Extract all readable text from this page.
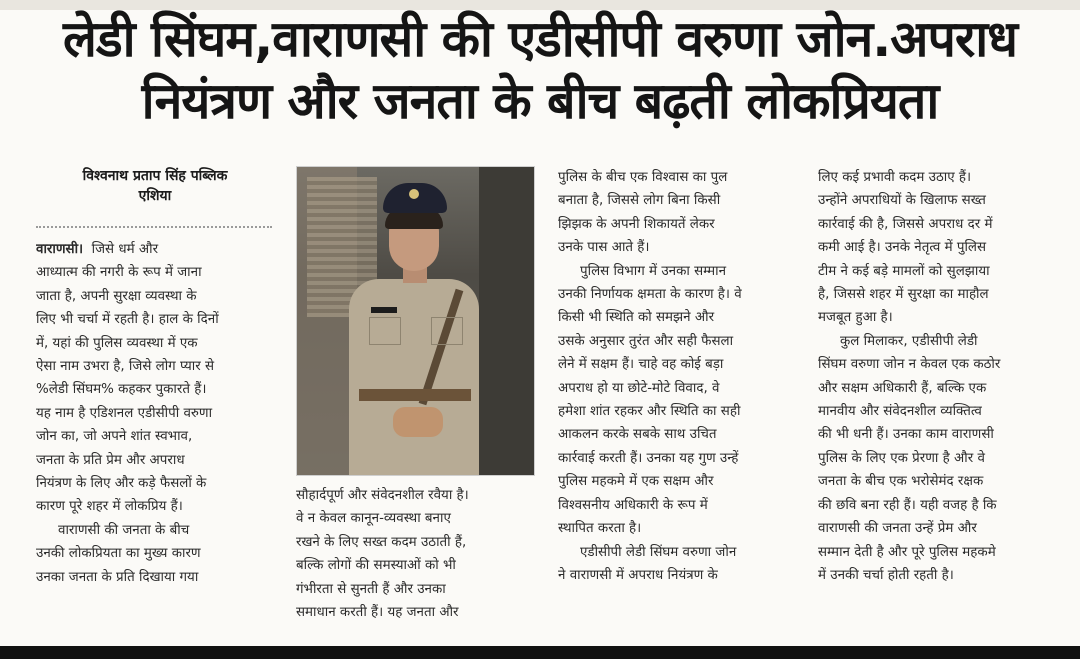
लेडी सिंघम,वाराणसी की एडीसीपी वरुणा जोन.अपराध
नियंत्रण और जनता के बीच बढ़ती लोकप्रियता
विश्वनाथ प्रताप सिंह पब्लिक
एशिया
वाराणसी। जिसे धर्म और
आध्यात्म की नगरी के रूप में जाना
जाता है, अपनी सुरक्षा व्यवस्था के
लिए भी चर्चा में रहती है। हाल के दिनों
में, यहां की पुलिस व्यवस्था में एक
ऐसा नाम उभरा है, जिसे लोग प्यार से
%लेडी सिंघम% कहकर पुकारते हैं।
यह नाम है एडिशनल एडीसीपी वरुणा
जोन का, जो अपने शांत स्वभाव,
जनता के प्रति प्रेम और अपराध
नियंत्रण के लिए और कड़े फैसलों के
कारण पूरे शहर में लोकप्रिय हैं।
वाराणसी की जनता के बीच
उनकी लोकप्रियता का मुख्य कारण
उनका जनता के प्रति दिखाया गया
सौहार्दपूर्ण और संवेदनशील रवैया है।
वे न केवल कानून-व्यवस्था बनाए
रखने के लिए सख्त कदम उठाती हैं,
बल्कि लोगों की समस्याओं को भी
गंभीरता से सुनती हैं और उनका
समाधान करती हैं। यह जनता और
पुलिस के बीच एक विश्वास का पुल
बनाता है, जिससे लोग बिना किसी
झिझक के अपनी शिकायतें लेकर
उनके पास आते हैं।
पुलिस विभाग में उनका सम्मान
उनकी निर्णायक क्षमता के कारण है। वे
किसी भी स्थिति को समझने और
उसके अनुसार तुरंत और सही फैसला
लेने में सक्षम हैं। चाहे वह कोई बड़ा
अपराध हो या छोटे-मोटे विवाद, वे
हमेशा शांत रहकर और स्थिति का सही
आकलन करके सबके साथ उचित
कार्रवाई करती हैं। उनका यह गुण उन्हें
पुलिस महकमे में एक सक्षम और
विश्वसनीय अधिकारी के रूप में
स्थापित करता है।
एडीसीपी लेडी सिंघम वरुणा जोन
ने वाराणसी में अपराध नियंत्रण के
लिए कई प्रभावी कदम उठाए हैं।
उन्होंने अपराधियों के खिलाफ सख्त
कार्रवाई की है, जिससे अपराध दर में
कमी आई है। उनके नेतृत्व में पुलिस
टीम ने कई बड़े मामलों को सुलझाया
है, जिससे शहर में सुरक्षा का माहौल
मजबूत हुआ है।
कुल मिलाकर, एडीसीपी लेडी
सिंघम वरुणा जोन न केवल एक कठोर
और सक्षम अधिकारी हैं, बल्कि एक
मानवीय और संवेदनशील व्यक्तित्व
की भी धनी हैं। उनका काम वाराणसी
पुलिस के लिए एक प्रेरणा है और वे
जनता के बीच एक भरोसेमंद रक्षक
की छवि बना रही हैं। यही वजह है कि
वाराणसी की जनता उन्हें प्रेम और
सम्मान देती है और पूरे पुलिस महकमे
में उनकी चर्चा होती रहती है।
